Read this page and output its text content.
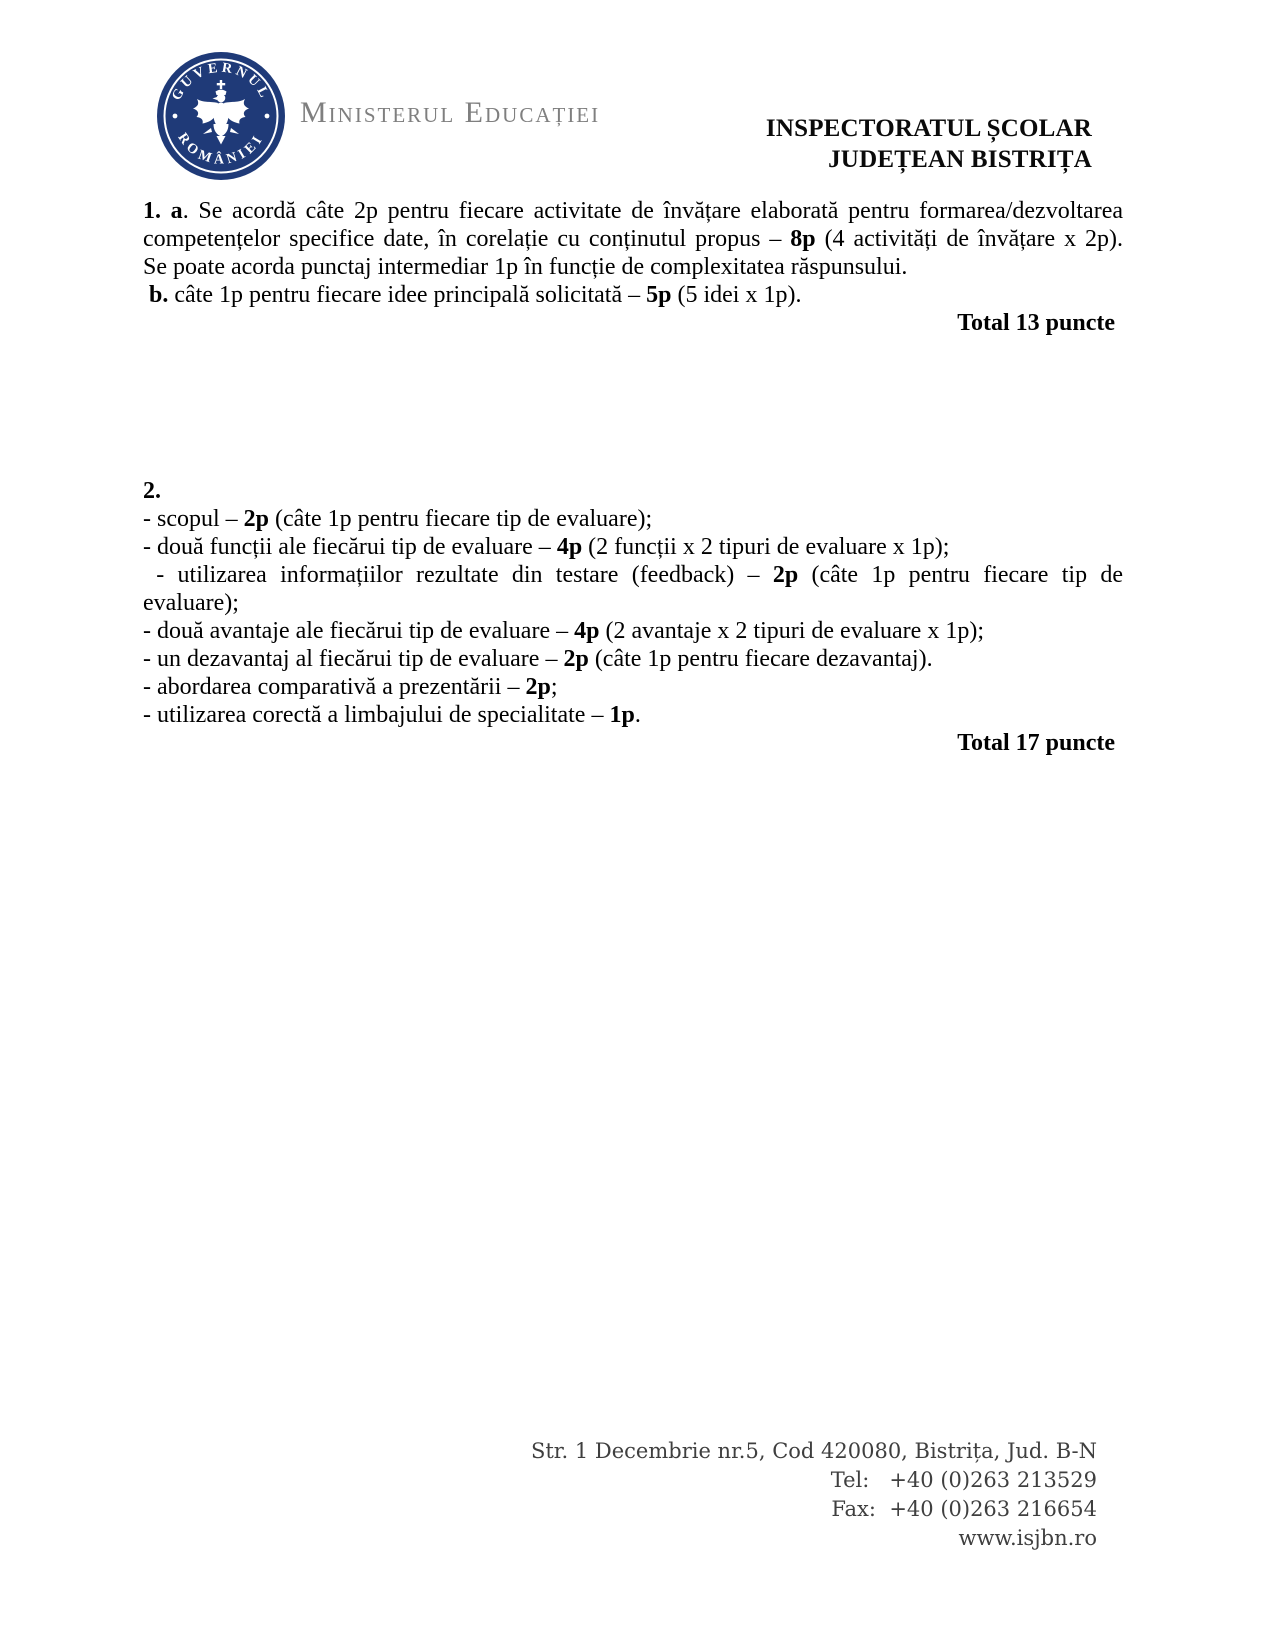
GUVERNUL
ROMÂNIEI
Ministerul Educației	INSPECTORATUL ȘCOLAR
JUDEȚEAN BISTRIȚA
1. a. Se acordă câte 2p pentru fiecare activitate de învățare elaborată pentru formarea/dezvoltarea
competențelor specifice date, în corelație cu conținutul propus – 8p (4 activități de învățare x 2p).
Se poate acorda punctaj intermediar 1p în funcție de complexitatea răspunsului.
b. câte 1p pentru fiecare idee principală solicitată – 5p (5 idei x 1p).
Total 13 puncte
2.
- scopul – 2p (câte 1p pentru fiecare tip de evaluare);
- două funcții ale fiecărui tip de evaluare – 4p (2 funcții x 2 tipuri de evaluare x 1p);
- utilizarea informațiilor rezultate din testare (feedback) – 2p (câte 1p pentru fiecare tip de
evaluare);
- două avantaje ale fiecărui tip de evaluare – 4p (2 avantaje x 2 tipuri de evaluare x 1p);
- un dezavantaj al fiecărui tip de evaluare – 2p (câte 1p pentru fiecare dezavantaj).
- abordarea comparativă a prezentării – 2p;
- utilizarea corectă a limbajului de specialitate – 1p.
Total 17 puncte
Str. 1 Decembrie nr.5, Cod 420080, Bistrița, Jud. B-N
Tel:   +40 (0)263 213529
Fax:  +40 (0)263 216654
www.isjbn.ro
